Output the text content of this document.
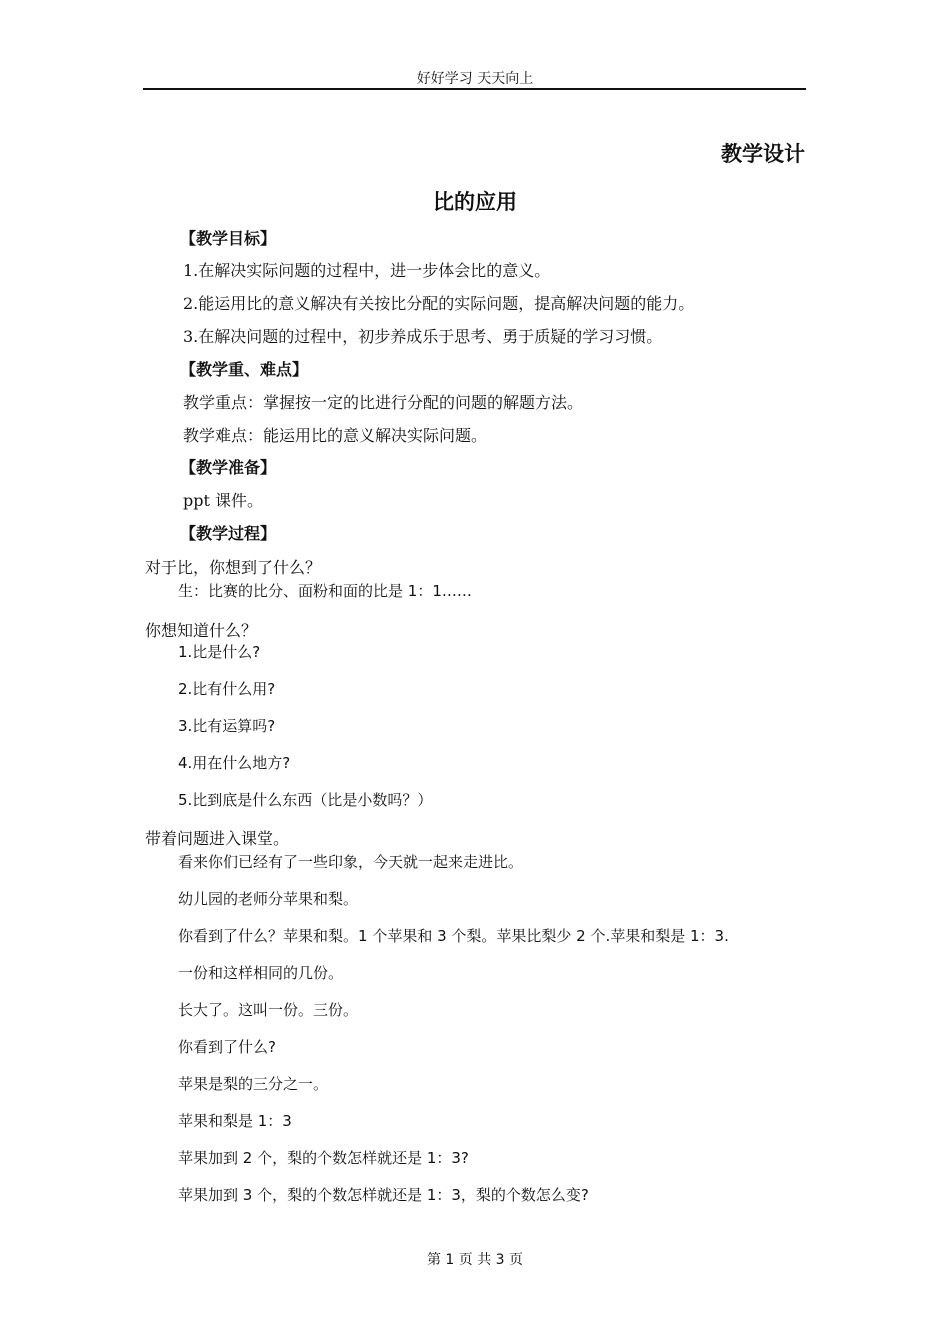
好好学习 天天向上
教学设计
比的应用
【教学目标】
1.在解决实际问题的过程中，进一步体会比的意义。
2.能运用比的意义解决有关按比分配的实际问题，提高解决问题的能力。
3.在解决问题的过程中，初步养成乐于思考、勇于质疑的学习习惯。
【教学重、难点】
教学重点：掌握按一定的比进行分配的问题的解题方法。
教学难点：能运用比的意义解决实际问题。
【教学准备】
ppt 课件。
【教学过程】
对于比，你想到了什么？
生：比赛的比分、面粉和面的比是 1：1……
你想知道什么？
1.比是什么?
2.比有什么用?
3.比有运算吗?
4.用在什么地方?
5.比到底是什么东西（比是小数吗？）
带着问题进入课堂。
看来你们已经有了一些印象，今天就一起来走进比。
幼儿园的老师分苹果和梨。
你看到了什么？苹果和梨。1 个苹果和 3 个梨。苹果比梨少 2 个.苹果和梨是 1：3.
一份和这样相同的几份。
长大了。这叫一份。三份。
你看到了什么?
苹果是梨的三分之一。
苹果和梨是 1：3
苹果加到 2 个，梨的个数怎样就还是 1：3?
苹果加到 3 个，梨的个数怎样就还是 1：3，梨的个数怎么变?
第 1 页 共 3 页
